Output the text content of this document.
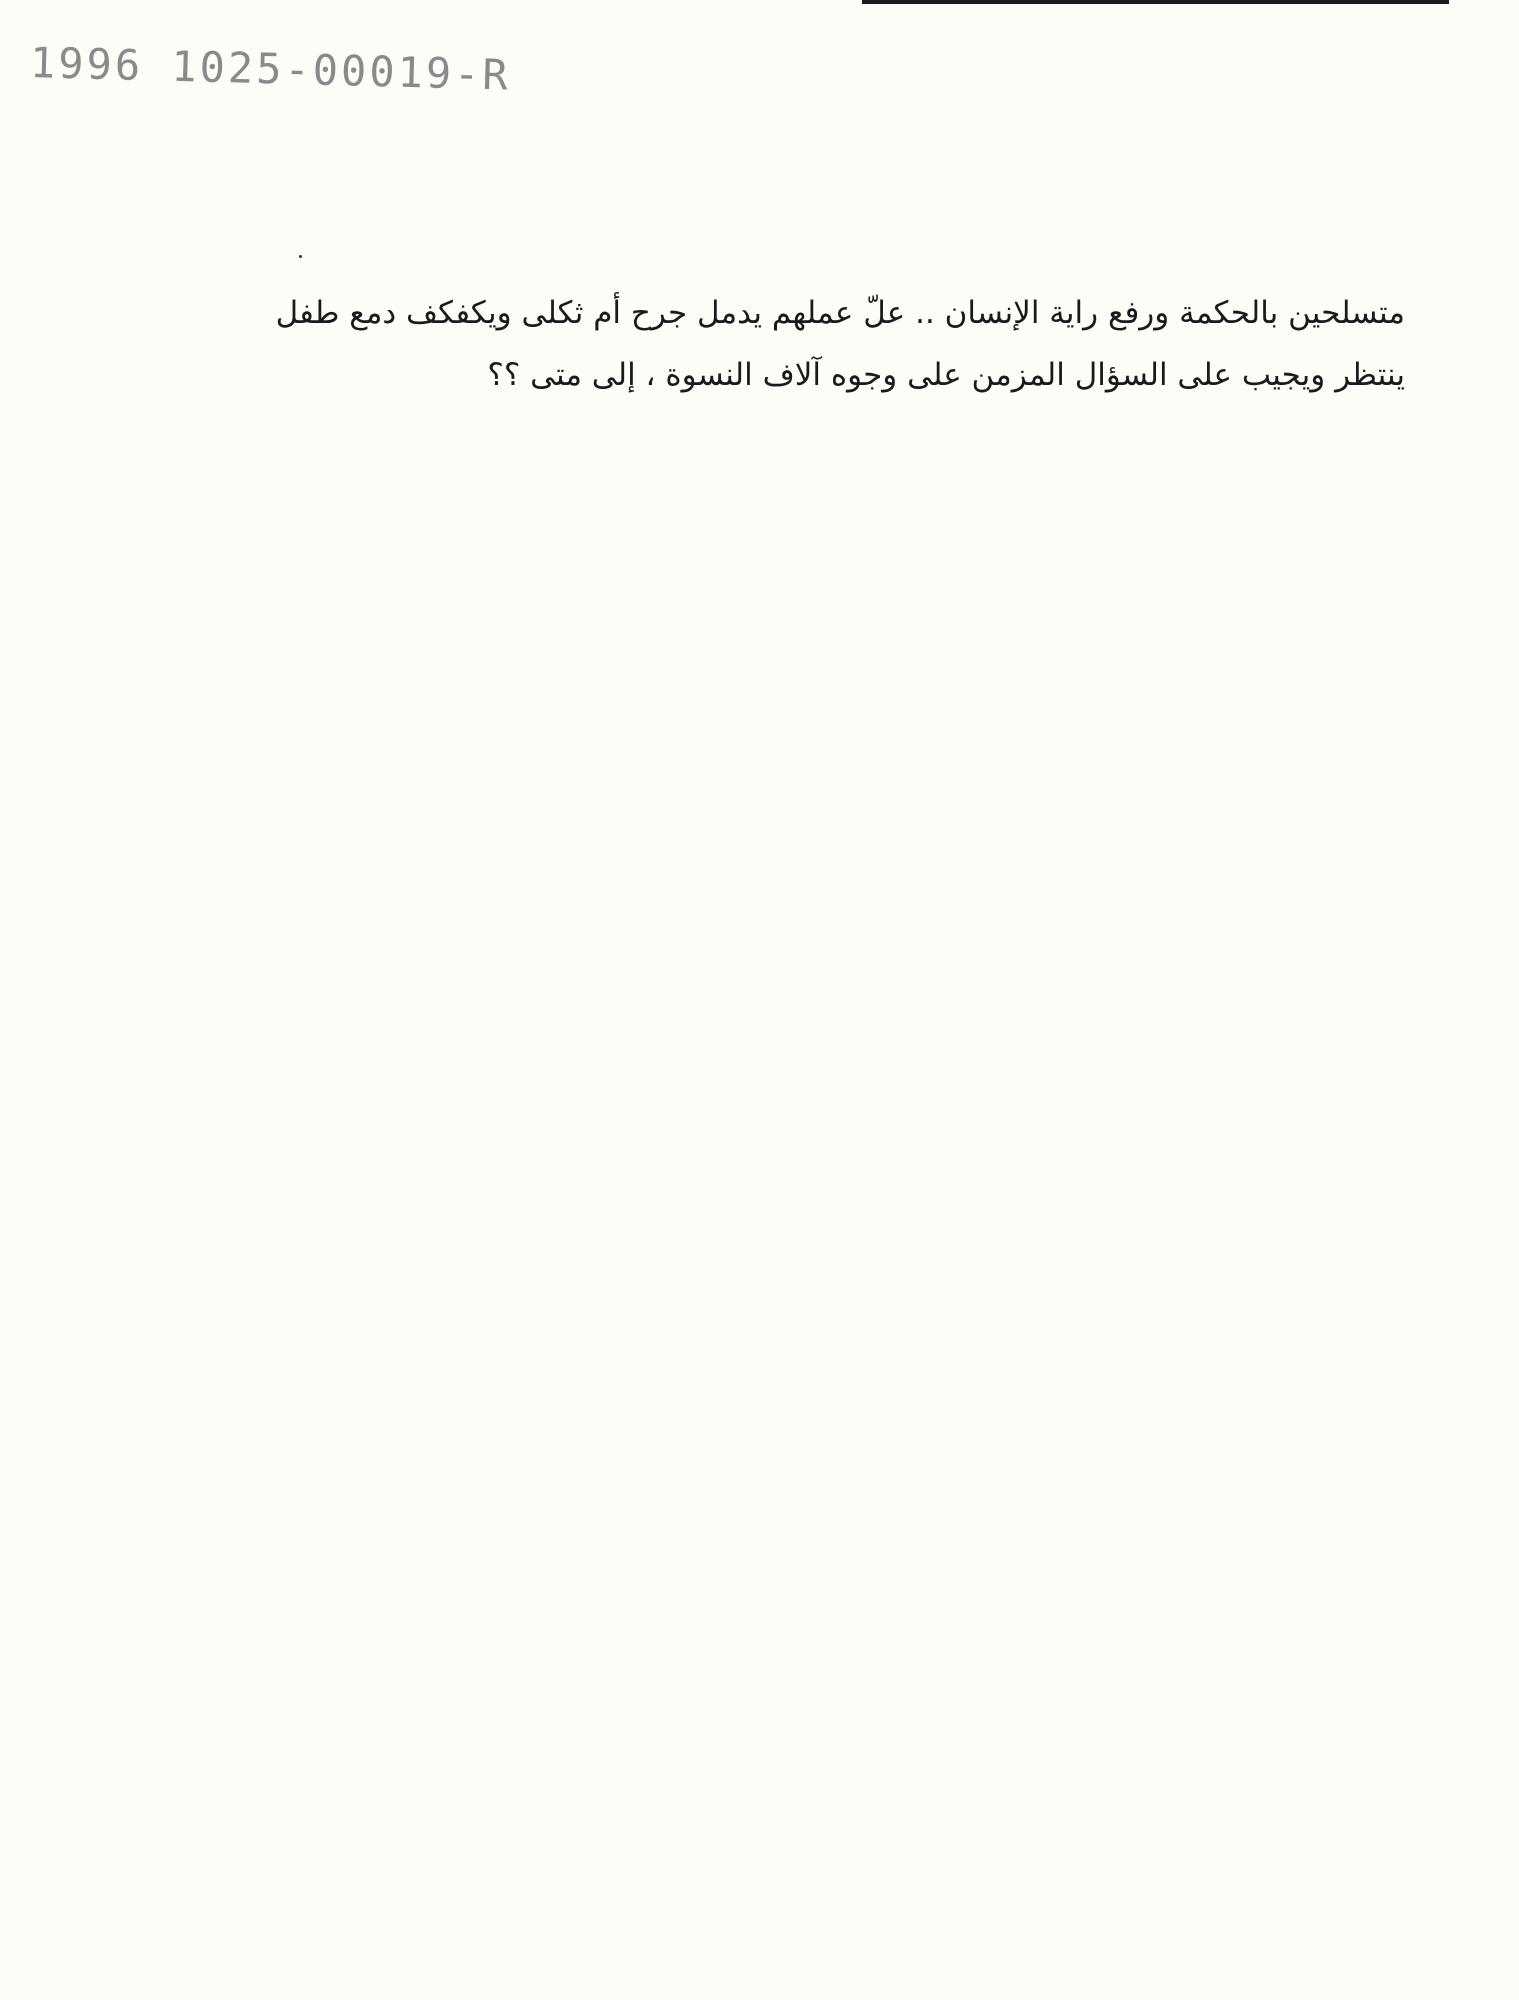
1996 1025-00019-R
متسلحين بالحكمة ورفع راية الإنسان .. علّ عملهم يدمل جرح أم ثكلى ويكفكف دمع طفل
ينتظر ويجيب على السؤال المزمن على وجوه آلاف النسوة ، إلى متى ؟؟
